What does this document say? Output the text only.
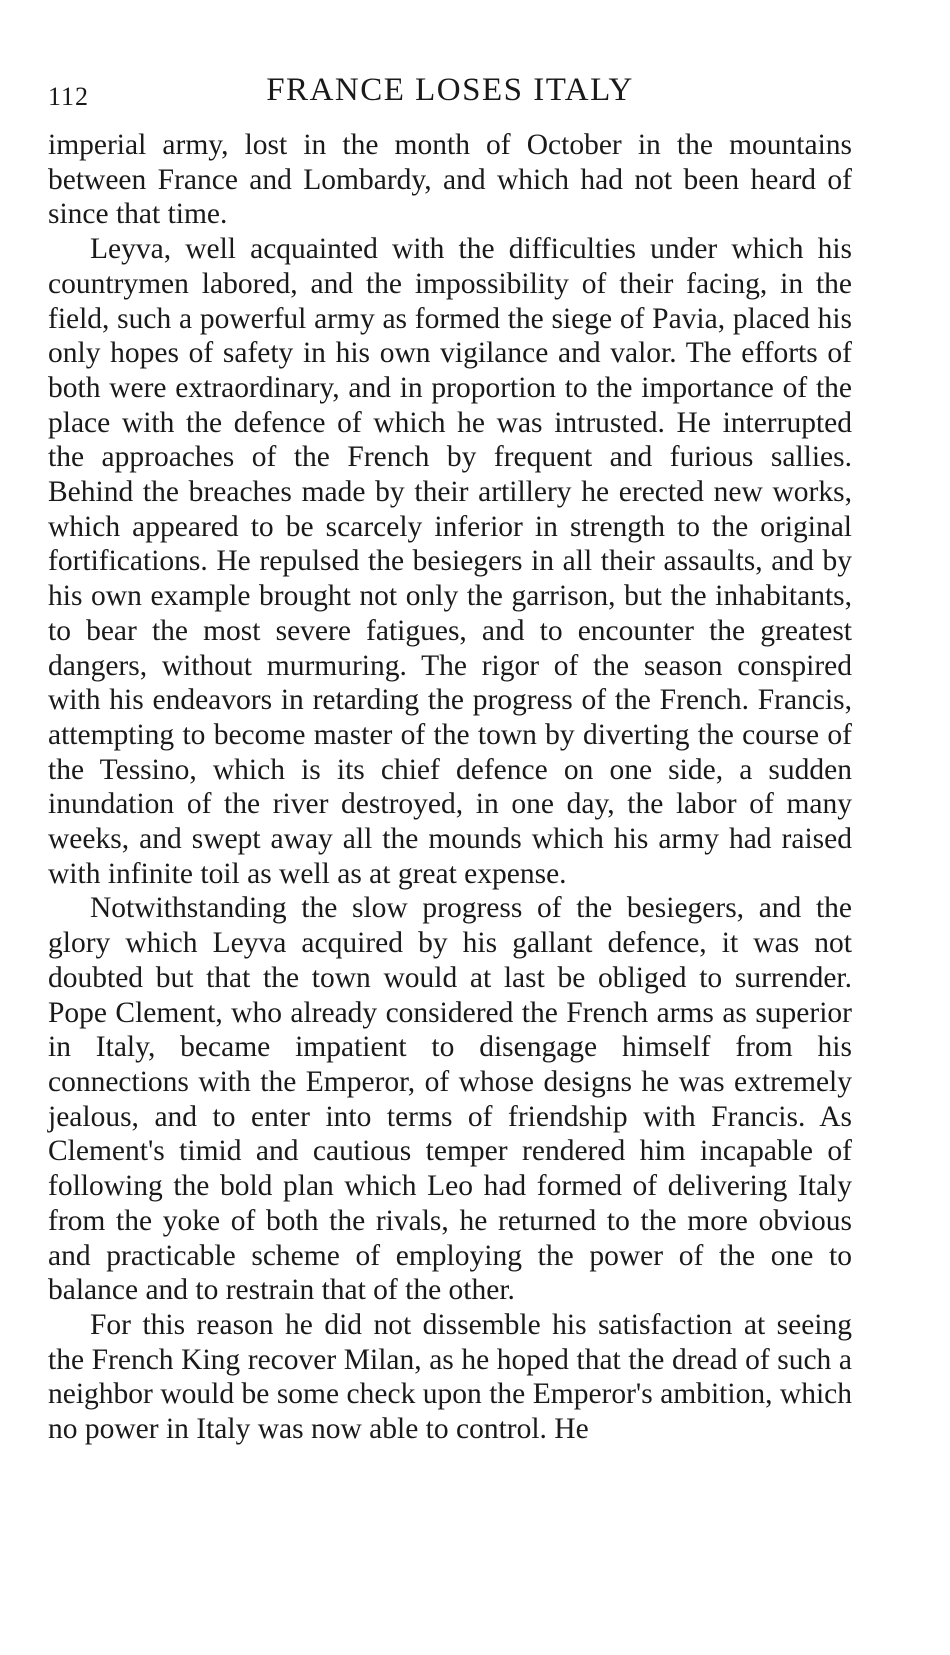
112	FRANCE LOSES ITALY

imperial army, lost in the month of October in the mountains between France and Lombardy, and which had not been heard of since that time.

Leyva, well acquainted with the difficulties under which his countrymen labored, and the impossibility of their facing, in the field, such a powerful army as formed the siege of Pavia, placed his only hopes of safety in his own vigilance and valor. The efforts of both were extraordinary, and in proportion to the importance of the place with the defence of which he was intrusted. He interrupted the approaches of the French by frequent and furious sallies. Behind the breaches made by their artillery he erected new works, which appeared to be scarcely inferior in strength to the original fortifications. He repulsed the besiegers in all their assaults, and by his own example brought not only the garrison, but the inhabitants, to bear the most severe fatigues, and to encounter the greatest dangers, without murmuring. The rigor of the season conspired with his endeavors in retarding the progress of the French. Francis, attempting to become master of the town by diverting the course of the Tessino, which is its chief defence on one side, a sudden inundation of the river destroyed, in one day, the labor of many weeks, and swept away all the mounds which his army had raised with infinite toil as well as at great expense.

Notwithstanding the slow progress of the besiegers, and the glory which Leyva acquired by his gallant defence, it was not doubted but that the town would at last be obliged to surrender. Pope Clement, who already considered the French arms as superior in Italy, became impatient to disengage himself from his connections with the Emperor, of whose designs he was extremely jealous, and to enter into terms of friendship with Francis. As Clement's timid and cautious temper rendered him incapable of following the bold plan which Leo had formed of delivering Italy from the yoke of both the rivals, he returned to the more obvious and practicable scheme of employing the power of the one to balance and to restrain that of the other.

For this reason he did not dissemble his satisfaction at seeing the French King recover Milan, as he hoped that the dread of such a neighbor would be some check upon the Emperor's ambition, which no power in Italy was now able to control. He
